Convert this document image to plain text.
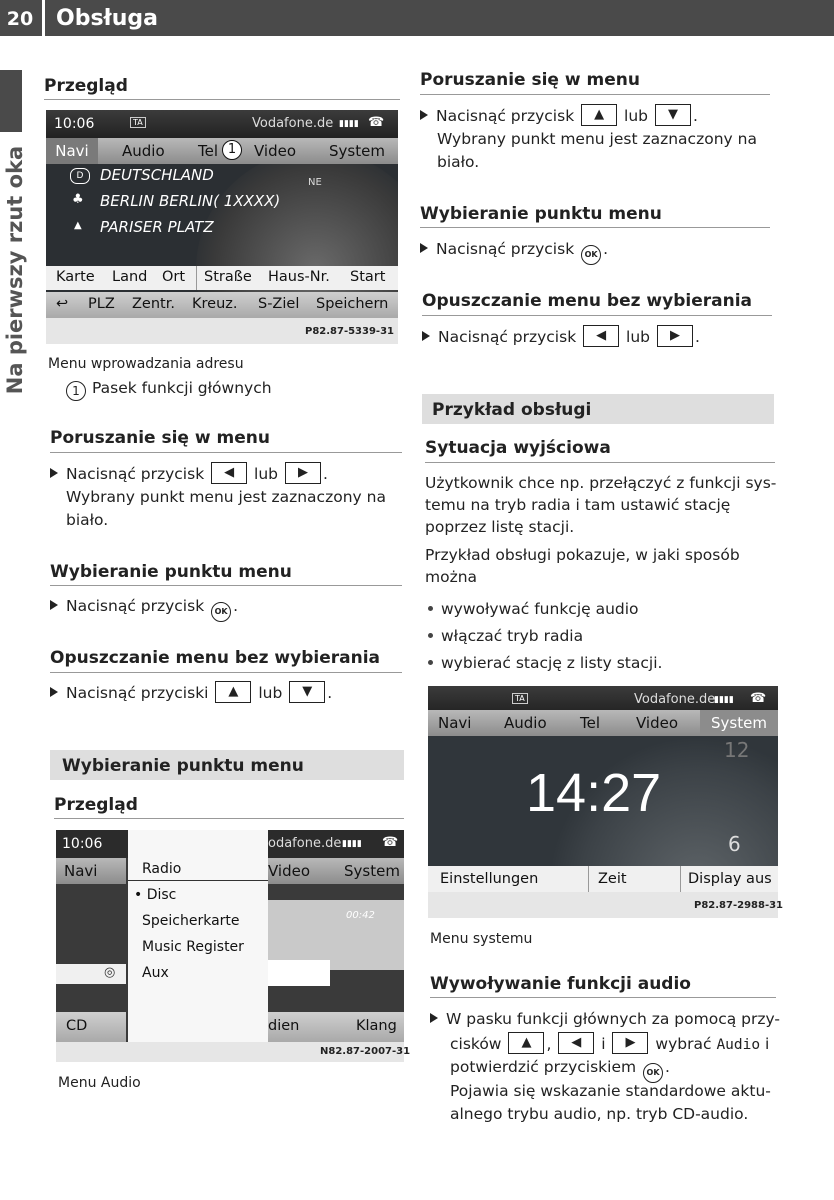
20	Obsługa
Na pierwszy rzut oka
Przegląd
NE
10:06	TA	Vodafone.de ▮▮▮▮ ☎
Navi	Audio Tel 1	Video System
D	DEUTSCHLAND
♣ BERLIN BERLIN( 1XXXX)
▲ PARISER PLATZ
Karte Land Ort Straße Haus-Nr. Start
↩ PLZ Zentr. Kreuz. S-Ziel Speichern
P82.87-5339-31
Menu wprowadzania adresu
1 Pasek funkcji głównych
Poruszanie się w menu
Nacisnąć przycisk	◀	lub	▶ .
Wybrany punkt menu jest zaznaczony na
biało.
Wybieranie punktu menu
Nacisnąć przycisk OK .
Opuszczanie menu bez wybierania
Nacisnąć przyciski	▲	lub	▼ .
Wybieranie punktu menu
Przegląd
10:06	odafone.de ▮▮▮▮ ☎
Navi	Video System
◎
00:42
Radio
• Disc
Speicherkarte
Music Register
Aux
CD	dien	Klang
N82.87-2007-31
Menu Audio
Poruszanie się w menu
Nacisnąć przycisk	▲	lub	▼ .
Wybrany punkt menu jest zaznaczony na
biało.
Wybieranie punktu menu
Nacisnąć przycisk OK .
Opuszczanie menu bez wybierania
Nacisnąć przycisk	◀	lub	▶ .
Przykład obsługi
Sytuacja wyjściowa
Użytkownik chce np. przełączyć z funkcji sys-
temu na tryb radia i tam ustawić stację
poprzez listę stacji.
Przykład obsługi pokazuje, w jaki sposób
można
wywoływać funkcję audio
włączać tryb radia
wybierać stację z listy stacji.
TA	Vodafone.de
▮▮▮▮ ☎
Navi Audio Tel Video	System
12
6
14:27
Einstellungen	Zeit	Display aus
P82.87-2988-31
Menu systemu
Wywoływanie funkcji audio
W pasku funkcji głównych za pomocą przy-
cisków	▲ ,	◀	i	▶	wybrać Audio i
potwierdzić przyciskiem OK .
Pojawia się wskazanie standardowe aktu-
alnego trybu audio, np. tryb CD-audio.
